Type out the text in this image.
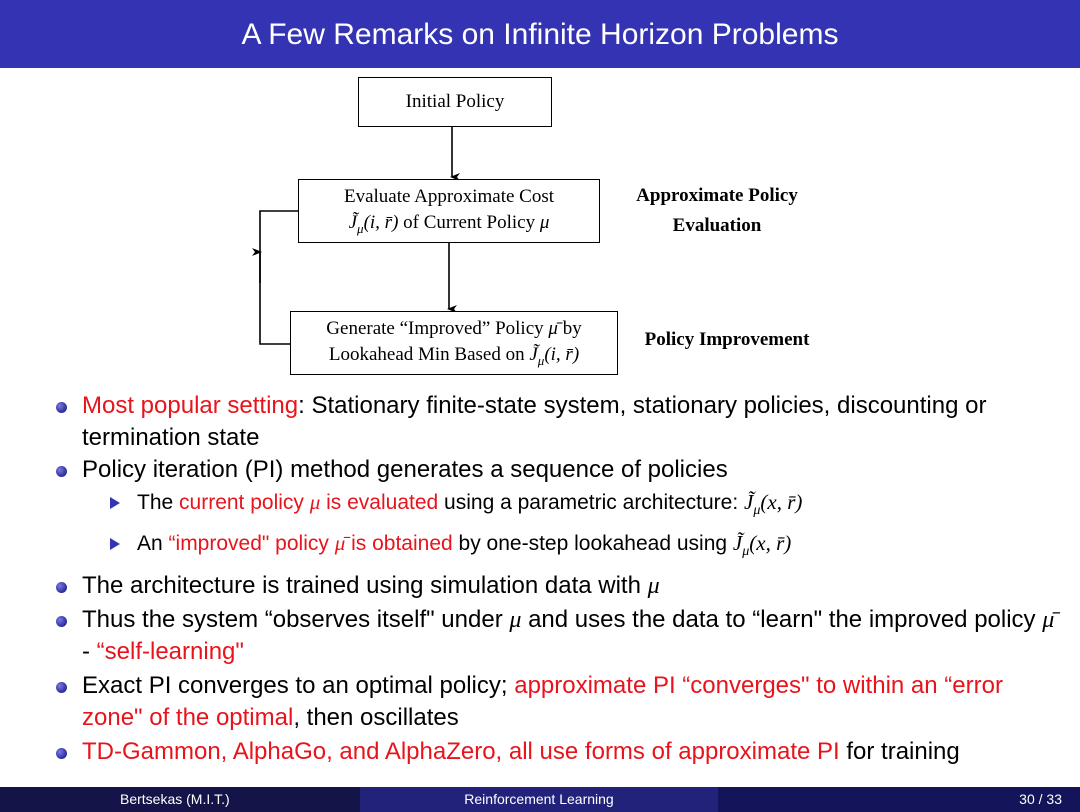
A Few Remarks on Infinite Horizon Problems
Initial Policy
Evaluate Approximate Cost
$J̃_\mu(i$, r̄) of Current Policy μ
Generate “Improved” Policy μ̄ by
Lookahead Min Based on $J̃_\mu(i$, r̄)
Approximate Policy
Evaluation
Policy Improvement

Most popular setting: Stationary finite-state system, stationary policies, discounting or termination state

Policy iteration (PI) method generates a sequence of policies

The current policy μ is evaluated using a parametric architecture: $J̃_\mu(x$, r̄)

An “improved" policy μ̄ is obtained by one-step lookahead using $J̃_\mu(x$, r̄)

The architecture is trained using simulation data with μ

Thus the system “observes itself" under μ and uses the data to “learn" the improved policy μ̄ - “self-learning"

Exact PI converges to an optimal policy; approximate PI “converges" to within an “error zone" of the optimal, then oscillates

TD-Gammon, AlphaGo, and AlphaZero, all use forms of approximate PI for training

Bertsekas (M.I.T.)	Reinforcement Learning	30 / 33
